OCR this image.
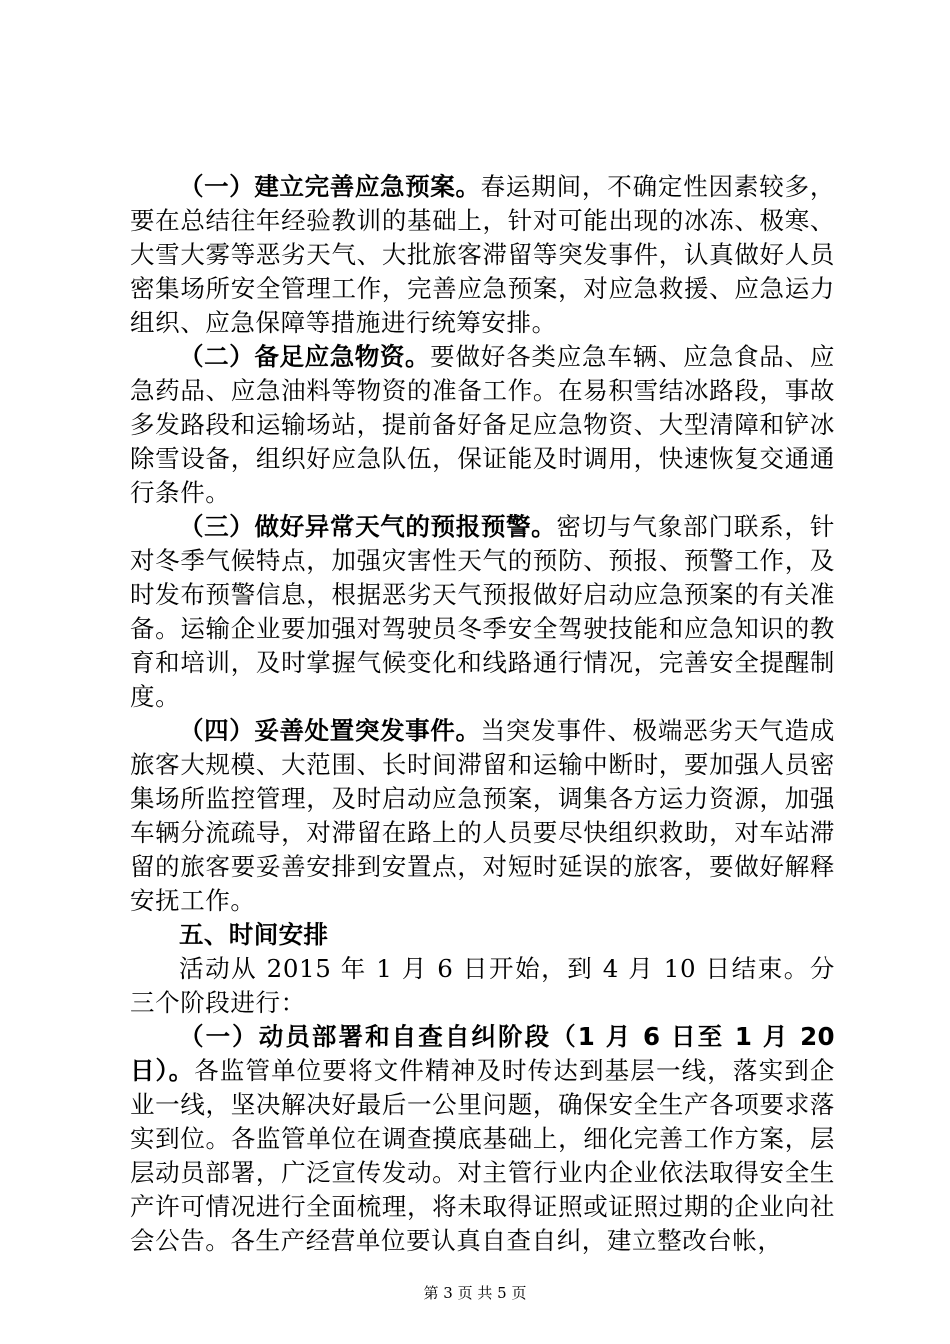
（一）建立完善应急预案。春运期间，不确定性因素较多，要在总结往年经验教训的基础上，针对可能出现的冰冻、极寒、大雪大雾等恶劣天气、大批旅客滞留等突发事件，认真做好人员密集场所安全管理工作，完善应急预案，对应急救援、应急运力组织、应急保障等措施进行统筹安排。

（二）备足应急物资。要做好各类应急车辆、应急食品、应急药品、应急油料等物资的准备工作。在易积雪结冰路段，事故多发路段和运输场站，提前备好备足应急物资、大型清障和铲冰除雪设备，组织好应急队伍，保证能及时调用，快速恢复交通通行条件。

（三）做好异常天气的预报预警。密切与气象部门联系，针对冬季气候特点，加强灾害性天气的预防、预报、预警工作，及时发布预警信息，根据恶劣天气预报做好启动应急预案的有关准备。运输企业要加强对驾驶员冬季安全驾驶技能和应急知识的教育和培训，及时掌握气候变化和线路通行情况，完善安全提醒制度。

（四）妥善处置突发事件。当突发事件、极端恶劣天气造成旅客大规模、大范围、长时间滞留和运输中断时，要加强人员密集场所监控管理，及时启动应急预案，调集各方运力资源，加强车辆分流疏导，对滞留在路上的人员要尽快组织救助，对车站滞留的旅客要妥善安排到安置点，对短时延误的旅客，要做好解释安抚工作。

五、时间安排

活动从 2015 年 1 月 6 日开始，到 4 月 10 日结束。分三个阶段进行：

（一）动员部署和自查自纠阶段（1 月 6 日至 1 月 20 日）。各监管单位要将文件精神及时传达到基层一线，落实到企业一线，坚决解决好最后一公里问题，确保安全生产各项要求落实到位。各监管单位在调查摸底基础上，细化完善工作方案，层层动员部署，广泛宣传发动。对主管行业内企业依法取得安全生产许可情况进行全面梳理，将未取得证照或证照过期的企业向社会公告。各生产经营单位要认真自查自纠，建立整改台帐，

第 3 页 共 5 页
